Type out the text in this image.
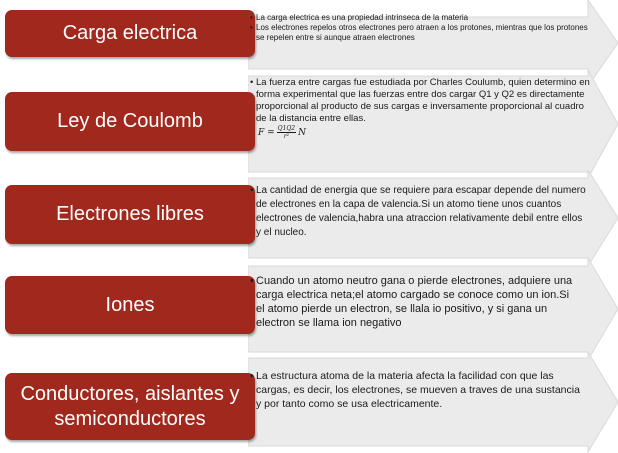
Carga electrica
• La carga electrica es una propiedad intrinseca de la materia
• Los electrones repelos otros electrones pero atraen a los protones, mientras que los protones se repelen entre si aunque atraen electrones
Ley de Coulomb
• La fuerza entre cargas fue estudiada por Charles Coulumb, quien determino en forma experimental que las fuerzas entre dos cargar Q1 y Q2 es directamente proporcional al producto de sus cargas e inversamente proporcional al cuadro de la distancia entre ellas.

$F = \frac{Q1Q2}{\text{r²}}$ N
Electrones libres
• La cantidad de energia que se requiere para escapar depende del numero de electrones en la capa de valencia.Si un atomo tiene unos cuantos electrones de valencia,habra una atraccion relativamente debil entre ellos y el nucleo.
Iones
• Cuando un atomo neutro gana o pierde electrones, adquiere una carga electrica neta;el atomo cargado se conoce como un ion.Si el atomo pierde un electron, se llala io positivo, y si gana un electron se llama ion negativo
Conductores, aislantes y semiconductores
• La estructura atoma de la materia afecta la facilidad con que las cargas, es decir, los electrones, se mueven a traves de una sustancia y por tanto como se usa electricamente.
